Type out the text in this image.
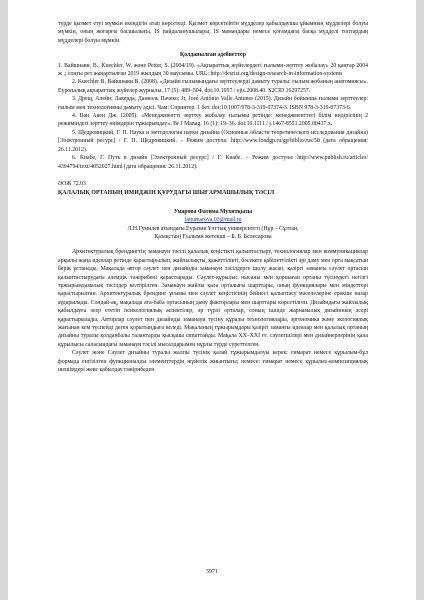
турде қызмет етуі мүмкін екендігін атап көрсетеді. Қызмет көрсетейтін мүдделер қабылдаушы ұйымның мүдделері болуы мүмкін, оның жоғарғы басшылығы, IS пайдаланушылары, IS мамандары немесе қоғамдағы басқа мүдделі топтардың мүдделері болуы мүмкін.

Қолданылған әдебиеттер

1. Вайшнави, В., Kuechler, W. және Petter, S. (2004/19). «Ақпараттық жүйелердегі ғылыми-зерттеу жобалау» 20 қаңтар 2004 ж .; соңғы рет жаңартылған 2019 жылдың 30 маусымы. URL: http://desrist.org/design-research-in-information-systems

2. Kuechler В, Вайшнави В. (2008). «Дизайн ғылымындағы зерттеулерді дамыту туралы: ғылым жобаның анатомиясы». Еуропалық ақпараттық жүйелер журналы. 17 (5): 489–504. doi:10.1057 / ejis.2008.40. S2CID 16297257.

3. Дрещ, Алейн; Лакерда, Даниэль Пачеко; Jr, José Antônio Valle Antunes (2015). Дизайн бойынша ғылыми зерттеулер: ғылым мен технологияны дамыту әдісі. Чам: Спрингер. 1 бет. doi:10.1007/978-3-319-07374-3. ISBN 978-3-319-07373-6.

4. Ван Акен Дж. (2005). «Менеджментті зерттеу жобалау ғылымы ретінде: менеджменттегі білім индірісінің 2 режиміндегі зерттеу өнімдерін тұжырымдау». Br J Manag. 16 (1): 19–36. doi:10.1111 / j.1467-8551.2005.00437.x.

5. Щедровицкий, Г. П. Наука и методология науки дизайна (Основные области теоретического исследования дизайна) [Электронный ресурс] / Г. П. Щедровицкий. – Режим доступа: http://www.fondgp.ru/gp/biblio/rus/58 (дата обращения: 26.11.2012).

6. Кнабе, Г. Путь в дизайн [Электронный ресурс] / Г. Кнабе. – Режим доступа: http://www.publish.ru/articles/ 4394794/text/4052027.html (дата обращения: 26.11.2012).

ӘОЖ 72.03
ҚАЛАЛЫҚ ОРТАНЫҢ ИМИДЖІН ҚҰРУДАҒЫ ШЫҒАРМАШЫЛЫҚ ТӘСІЛ
Умарова Фатима Мухитқызы
fatiumarova.03@mail.ru
Л.Н.Гумилев атындағы Еуразия Ұлттық университеті (Нұр – Сұлтан,
Қазақстан) Ғылыми жетекші – Б. Б. Белесарова

Архитектуралық брендингтің заманауи тәсілі қалалық кеңістікті қалыптастыру, технологиялар мен коммуникациялар арқылы жаңа идеялар ретінде қарастырылып, жайлылықты, қажеттілікті, бәсекеге қабілеттілікті әрі даму мен орта мақсатын берік ұстанады. Мақалада автор сәулет пен дизайнды заманауи тәсілдерге шолу жасап, қазіргі заманғы сәулет ортасын қалыптастырудағы әлемдік тәжірибені қарастырады. Сәулет-құрылыс нысаны мен қоршаған ортаны түсінудегі негізгі тұжырымдамалық тәсілдер келтірілген. Заманауи жайлы қала орталығы шарттары, оның функциялары мен міндеттері қарастырылған. Архитектуралық брендинг ұғымы мен сәулет кеңістігінің бейнесі қалыптасу мәселелеріне ерекше назар аударылады. Сондай-ақ, мақалада ата-баба ортасының даму факторлары мен шарттары көрсетілген. Дизайндағы жайлылық қабылдауға әсер ететін психологиялық аспектілер, әр түрлі орталар, соның ішінде жарнамалық дизайнның әсері қарастырылады. Авторлар сәулет пен дизайнды заманауи түсіну құралы технологиялары, эргономика және экологиялық жағынан кем түспейді деген қорытындыға келеді. Мақаланың тұжырымдары қазіргі заманғы идеялар мен қалалық ортаның дизайны туралы қолданбалы талантарды қысқаша сипаттайды. Мақала XX–XXI ғғ. сәулетшілері мен дизайнерлерінің қала құрылысы саласындағы заманауи тәсілі мысалдарымен нұрлы түрде суреттелген.

Сәулет және Сәулет дизайны туралы жалпы түсінік қалай тұжырымдалуы керек: ғимарат немесе құрылым-бұл формада енгізілген функционалды элементтердің жүйелік жиынтығы; немесе: ғимарат немесе құрылыс-композициялық шешімдері жеке қабылдау.тәжірибеден

5971
